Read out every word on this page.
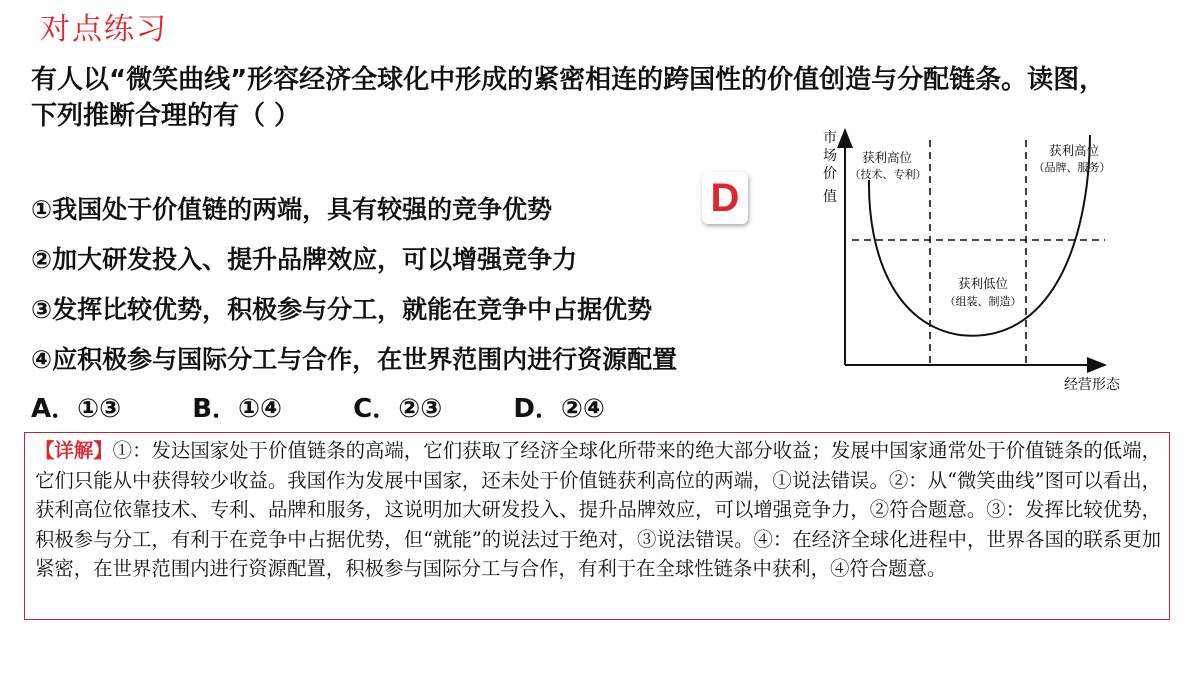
对点练习
有人以“微笑曲线”形容经济全球化中形成的紧密相连的跨国性的价值创造与分配链条。读图，下列推断合理的有（ ）
①我国处于价值链的两端，具有较强的竞争优势
②加大研发投入、提升品牌效应，可以增强竞争力
③发挥比较优势，积极参与分工，就能在竞争中占据优势
④应积极参与国际分工与合作，在世界范围内进行资源配置
D
A．①③	B．①④	C．②③	D．②④
市
场
价
值
获利高位
（技术、专利）
获利高位
（品牌、服务）
获利低位
（组装、制造）
经营形态
【详解】①：发达国家处于价值链条的高端，它们获取了经济全球化所带来的绝大部分收益；发展中国家通常处于价值链条的低端，它们只能从中获得较少收益。我国作为发展中国家，还未处于价值链获利高位的两端，①说法错误。②：从“微笑曲线”图可以看出，获利高位依靠技术、专利、品牌和服务，这说明加大研发投入、提升品牌效应，可以增强竞争力，②符合题意。③：发挥比较优势，积极参与分工，有利于在竞争中占据优势，但“就能”的说法过于绝对，③说法错误。④：在经济全球化进程中，世界各国的联系更加紧密，在世界范围内进行资源配置，积极参与国际分工与合作，有利于在全球性链条中获利，④符合题意。
